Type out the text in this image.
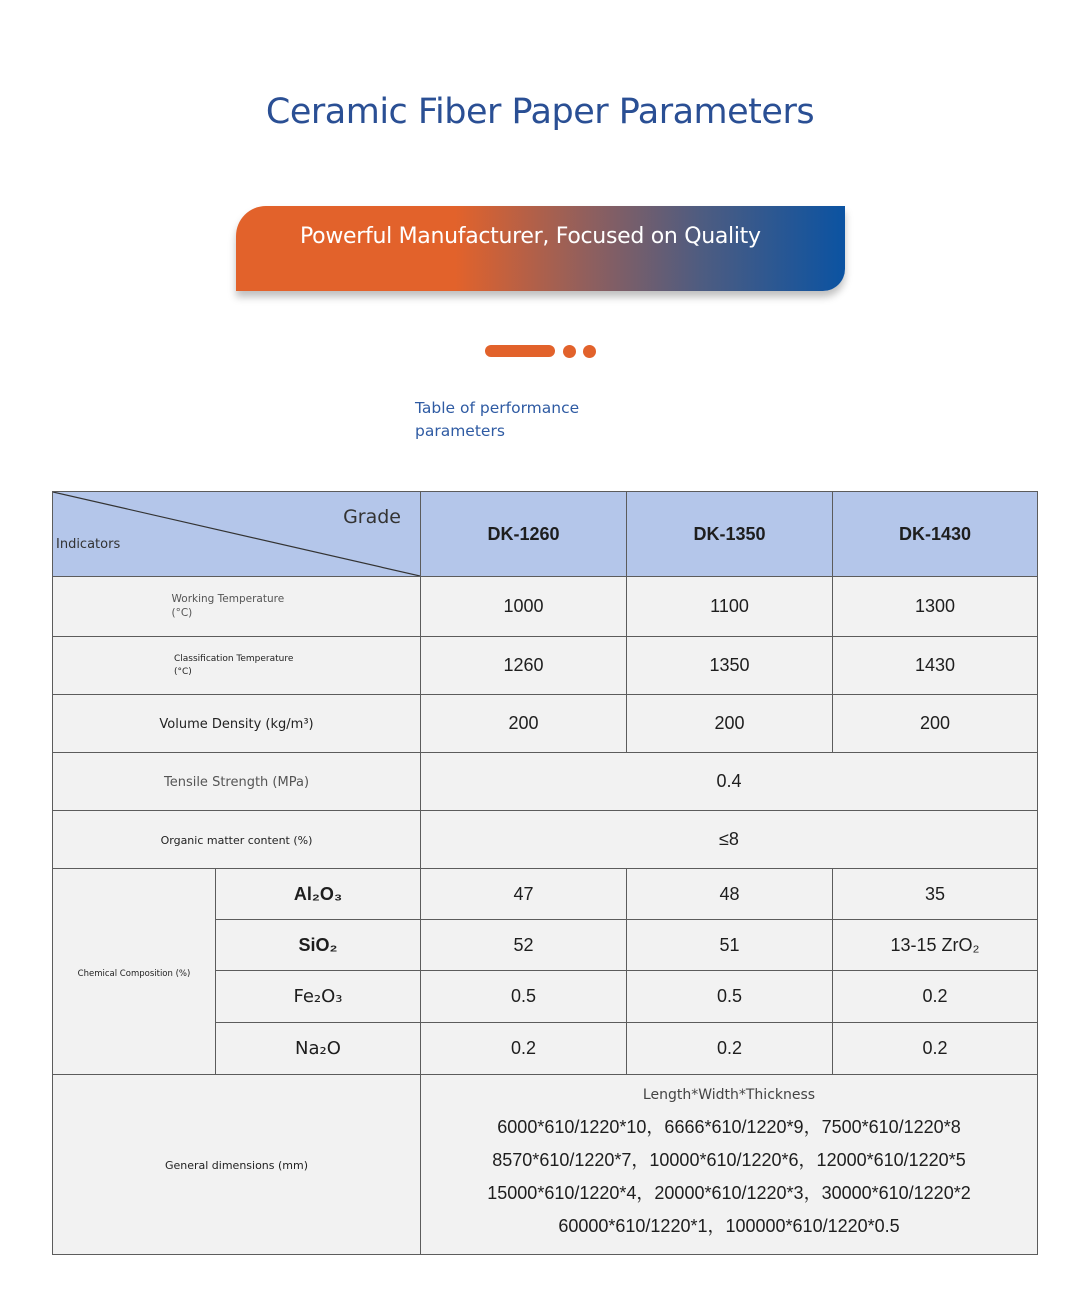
Ceramic Fiber Paper Parameters
Powerful Manufacturer, Focused on Quality
Table of performance parameters
Grade
Indicators		DK-1260	DK-1350	DK-1430
Working Temperature (°C)		1000	1100	1300
Classification Temperature (°C)		1260	1350	1430
Volume Density (kg/m³)		200	200	200
Tensile Strength (MPa)		0.4		
Organic matter content (%)		≤8		
Chemical Composition (%)	Al₂O₃	47	48	35
	SiO₂	52	51	13-15 ZrO₂
	Fe₂O₃	0.5	0.5	0.2
	Na₂O	0.2	0.2	0.2
General dimensions (mm)		Length*Width*Thickness
6000*610/1220*10，6666*610/1220*9，7500*610/1220*8
8570*610/1220*7，10000*610/1220*6，12000*610/1220*5
15000*610/1220*4，20000*610/1220*3，30000*610/1220*2
60000*610/1220*1，100000*610/1220*0.5		
